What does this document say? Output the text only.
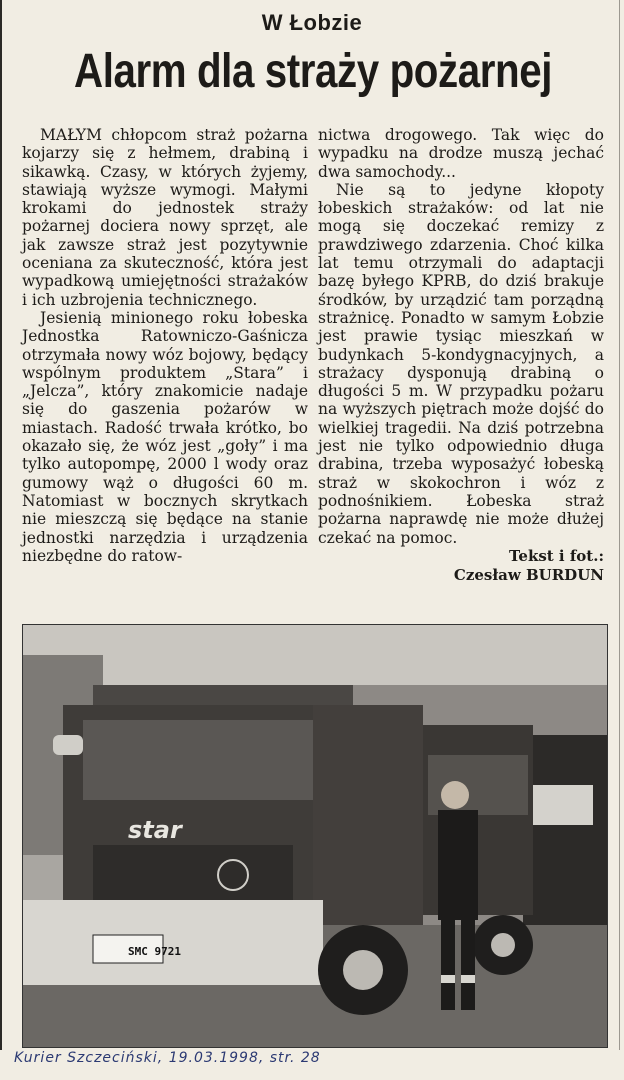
W Łobzie
Alarm dla straży pożarnej

MAŁYM chłopcom straż pożarna kojarzy się z hełmem, drabiną i sikawką. Czasy, w których żyjemy, stawiają wyższe wymogi. Małymi krokami do jednostek straży pożarnej dociera nowy sprzęt, ale jak zawsze straż jest pozytywnie oceniana za skuteczność, która jest wypadkową umiejętności strażaków i ich uzbrojenia technicznego.

Jesienią minionego roku łobeska Jednostka Ratowniczo-Gaśnicza otrzymała nowy wóz bojowy, będący wspólnym produktem „Stara” i „Jelcza”, który znakomicie nadaje się do gaszenia pożarów w miastach. Radość trwała krótko, bo okazało się, że wóz jest „goły” i ma tylko autopompę, 2000 l wody oraz gumowy wąż o długości 60 m. Natomiast w bocznych skrytkach nie mieszczą się będące na stanie jednostki narzędzia i urządzenia niezbędne do ratow-

nictwa drogowego. Tak więc do wypadku na drodze muszą jechać dwa samochody...

Nie są to jedyne kłopoty łobeskich strażaków: od lat nie mogą się doczekać remizy z prawdziwego zdarzenia. Choć kilka lat temu otrzymali do adaptacji bazę byłego KPRB, do dziś brakuje środków, by urządzić tam porządną strażnicę. Ponadto w samym Łobzie jest prawie tysiąc mieszkań w budynkach 5-kondygnacyjnych, a strażacy dysponują drabiną o długości 5 m. W przypadku pożaru na wyższych piętrach może dojść do wielkiej tragedii. Na dziś potrzebna jest nie tylko odpowiednio długa drabina, trzeba wyposażyć łobeską straż w skokochron i wóz z podnośnikiem. Łobeska straż pożarna naprawdę nie może dłużej czekać na pomoc.

Tekst i fot.:
Czesław BURDUN
star
SMC 9721
Kurier Szczeciński, 19.03.1998, str. 28
